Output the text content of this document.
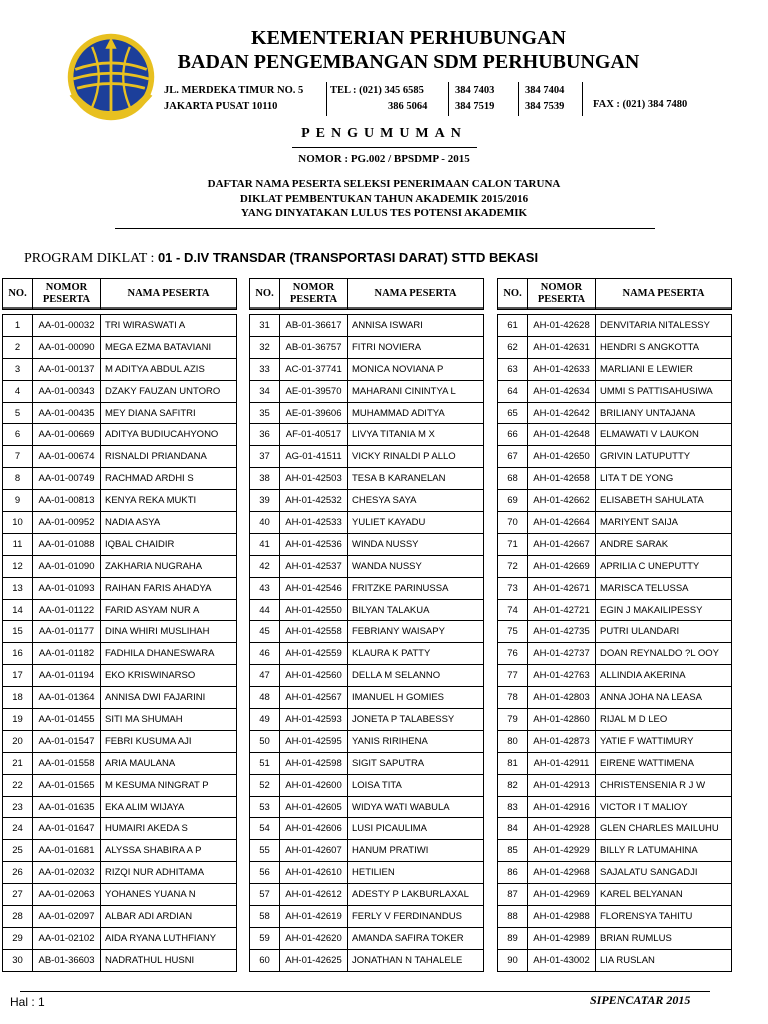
KEMENTERIAN PERHUBUNGAN
BADAN PENGEMBANGAN SDM PERHUBUNGAN
JL. MERDEKA TIMUR NO. 5
JAKARTA PUSAT 10110
TEL : (021) 345 6585
386 5064
384 7403
384 7519
384 7404
384 7539	FAX : (021) 384 7480
PENGUMUMAN
NOMOR : PG.002 / BPSDMP - 2015
DAFTAR NAMA PESERTA SELEKSI PENERIMAAN CALON TARUNA
DIKLAT PEMBENTUKAN TAHUN AKADEMIK 2015/2016
YANG DINYATAKAN LULUS TES POTENSI AKADEMIK
PROGRAM DIKLAT : 01 - D.IV TRANSDAR (TRANSPORTASI DARAT) STTD BEKASI
NO.	NOMOR
PESERTA	NAMA PESERTA

1	AA-01-00032	TRI WIRASWATI A
2	AA-01-00090	MEGA EZMA BATAVIANI
3	AA-01-00137	M ADITYA ABDUL AZIS
4	AA-01-00343	DZAKY FAUZAN UNTORO
5	AA-01-00435	MEY DIANA SAFITRI
6	AA-01-00669	ADITYA BUDIUCAHYONO
7	AA-01-00674	RISNALDI PRIANDANA
8	AA-01-00749	RACHMAD ARDHI S
9	AA-01-00813	KENYA REKA MUKTI
10	AA-01-00952	NADIA ASYA
11	AA-01-01088	IQBAL CHAIDIR
12	AA-01-01090	ZAKHARIA NUGRAHA
13	AA-01-01093	RAIHAN FARIS AHADYA
14	AA-01-01122	FARID ASYAM NUR A
15	AA-01-01177	DINA WHIRI MUSLIHAH
16	AA-01-01182	FADHILA DHANESWARA
17	AA-01-01194	EKO KRISWINARSO
18	AA-01-01364	ANNISA DWI FAJARINI
19	AA-01-01455	SITI MA SHUMAH
20	AA-01-01547	FEBRI KUSUMA AJI
21	AA-01-01558	ARIA MAULANA
22	AA-01-01565	M KESUMA NINGRAT P
23	AA-01-01635	EKA ALIM WIJAYA
24	AA-01-01647	HUMAIRI AKEDA S
25	AA-01-01681	ALYSSA SHABIRA A P
26	AA-01-02032	RIZQI NUR ADHITAMA
27	AA-01-02063	YOHANES YUANA N
28	AA-01-02097	ALBAR ADI ARDIAN
29	AA-01-02102	AIDA RYANA LUTHFIANY
30	AB-01-36603	NADRATHUL HUSNI
NO.	NOMOR
PESERTA	NAMA PESERTA

31	AB-01-36617	ANNISA ISWARI
32	AB-01-36757	FITRI NOVIERA
33	AC-01-37741	MONICA NOVIANA P
34	AE-01-39570	MAHARANI CININTYA L
35	AE-01-39606	MUHAMMAD ADITYA
36	AF-01-40517	LIVYA TITANIA M X
37	AG-01-41511	VICKY RINALDI P ALLO
38	AH-01-42503	TESA B KARANELAN
39	AH-01-42532	CHESYA SAYA
40	AH-01-42533	YULIET KAYADU
41	AH-01-42536	WINDA NUSSY
42	AH-01-42537	WANDA NUSSY
43	AH-01-42546	FRITZKE PARINUSSA
44	AH-01-42550	BILYAN TALAKUA
45	AH-01-42558	FEBRIANY WAISAPY
46	AH-01-42559	KLAURA K PATTY
47	AH-01-42560	DELLA M SELANNO
48	AH-01-42567	IMANUEL H GOMIES
49	AH-01-42593	JONETA P TALABESSY
50	AH-01-42595	YANIS RIRIHENA
51	AH-01-42598	SIGIT SAPUTRA
52	AH-01-42600	LOISA TITA
53	AH-01-42605	WIDYA WATI WABULA
54	AH-01-42606	LUSI PICAULIMA
55	AH-01-42607	HANUM PRATIWI
56	AH-01-42610	HETILIEN
57	AH-01-42612	ADESTY P LAKBURLAXAL
58	AH-01-42619	FERLY V FERDINANDUS
59	AH-01-42620	AMANDA SAFIRA TOKER
60	AH-01-42625	JONATHAN N TAHALELE
NO.	NOMOR
PESERTA	NAMA PESERTA

61	AH-01-42628	DENVITARIA NITALESSY
62	AH-01-42631	HENDRI S ANGKOTTA
63	AH-01-42633	MARLIANI E LEWIER
64	AH-01-42634	UMMI S PATTISAHUSIWA
65	AH-01-42642	BRILIANY UNTAJANA
66	AH-01-42648	ELMAWATI V LAUKON
67	AH-01-42650	GRIVIN LATUPUTTY
68	AH-01-42658	LITA T DE YONG
69	AH-01-42662	ELISABETH SAHULATA
70	AH-01-42664	MARIYENT SAIJA
71	AH-01-42667	ANDRE SARAK
72	AH-01-42669	APRILIA C UNEPUTTY
73	AH-01-42671	MARISCA TELUSSA
74	AH-01-42721	EGIN J MAKAILIPESSY
75	AH-01-42735	PUTRI ULANDARI
76	AH-01-42737	DOAN REYNALDO ?L OOY
77	AH-01-42763	ALLINDIA AKERINA
78	AH-01-42803	ANNA JOHA NA LEASA
79	AH-01-42860	RIJAL M D LEO
80	AH-01-42873	YATIE F WATTIMURY
81	AH-01-42911	EIRENE WATTIMENA
82	AH-01-42913	CHRISTENSENIA R J W
83	AH-01-42916	VICTOR I T MALIOY
84	AH-01-42928	GLEN CHARLES MAILUHU
85	AH-01-42929	BILLY R LATUMAHINA
86	AH-01-42968	SAJALATU SANGADJI
87	AH-01-42969	KAREL BELYANAN
88	AH-01-42988	FLORENSYA TAHITU
89	AH-01-42989	BRIAN RUMLUS
90	AH-01-43002	LIA RUSLAN
Hal : 1	SIPENCATAR 2015
